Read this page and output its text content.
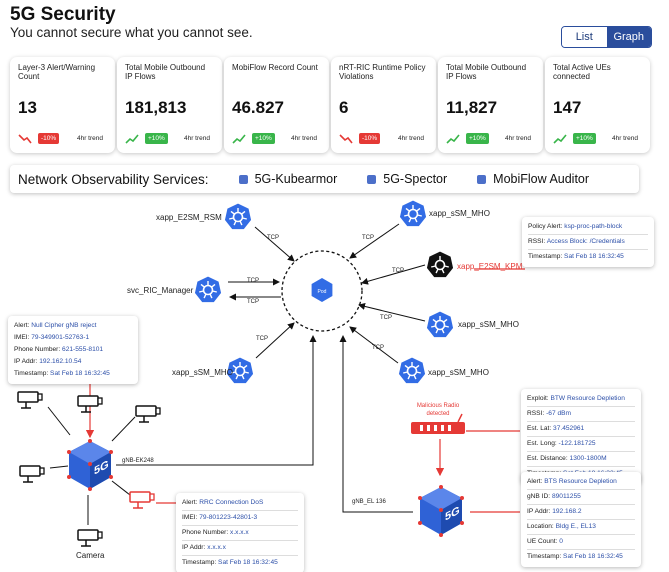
5G Security
You cannot secure what you cannot see.	List	Graph
Layer-3 Alert/Warning Count
13
-10%	4hr trend
Total Mobile Outbound IP Flows
181,813
+10%	4hr trend
MobiFlow Record Count
46.827
+10%	4hr trend
nRT-RIC Runtime Policy Violations
6
-10%	4hr trend
Total Mobile Outbound IP Flows
11,827
+10%	4hr trend
Total Active UEs connected
147
+10%	4hr trend
Network Observability Services:	5G-Kubearmor	5G-Spector	MobiFlow Auditor
Pod
5G
5G
xapp_E2SM_RSM	xapp_sSM_MHO
xapp_E2SM_KPM
svc_RIC_Manager
xapp_sSM_MHO
xapp_sSM_MHO	xapp_sSM_MHO
Camera
TCP	TCP
TCP
TCP
TCP
TCP
TCP
TCP
gNB-EK248
gNB_EL 136
Malicious Radio detected
Policy Alert: ksp-proc-path-block
RSSI: Access Block: /Credentials
Timestamp: Sat Feb 18 16:32:45
Alert: Null Cipher gNB reject
IMEI: 79-349901-52763-1
Phone Number: 621-555-8101
IP Addr: 192.162.10.54
Timestamp: Sat Feb 18 16:32:45
Alert: RRC Connection DoS
IMEI: 79-801223-42801-3
Phone Number: x.x.x.x
IP Addr: x.x.x.x
Timestamp: Sat Feb 18 16:32:45
Exploit: BTW Resource Depletion
RSSI: -67 dBm
Est. Lat: 37.452961
Est. Long: -122.181725
Est. Distance: 1300-1800M
Alert: BTS Resource Depletion
gNB ID: 89011255
IP Addr: 192.168.2
Location: Bldg E., EL13
UE Count: 0
Timestamp: Sat Feb 18 16:32:45
